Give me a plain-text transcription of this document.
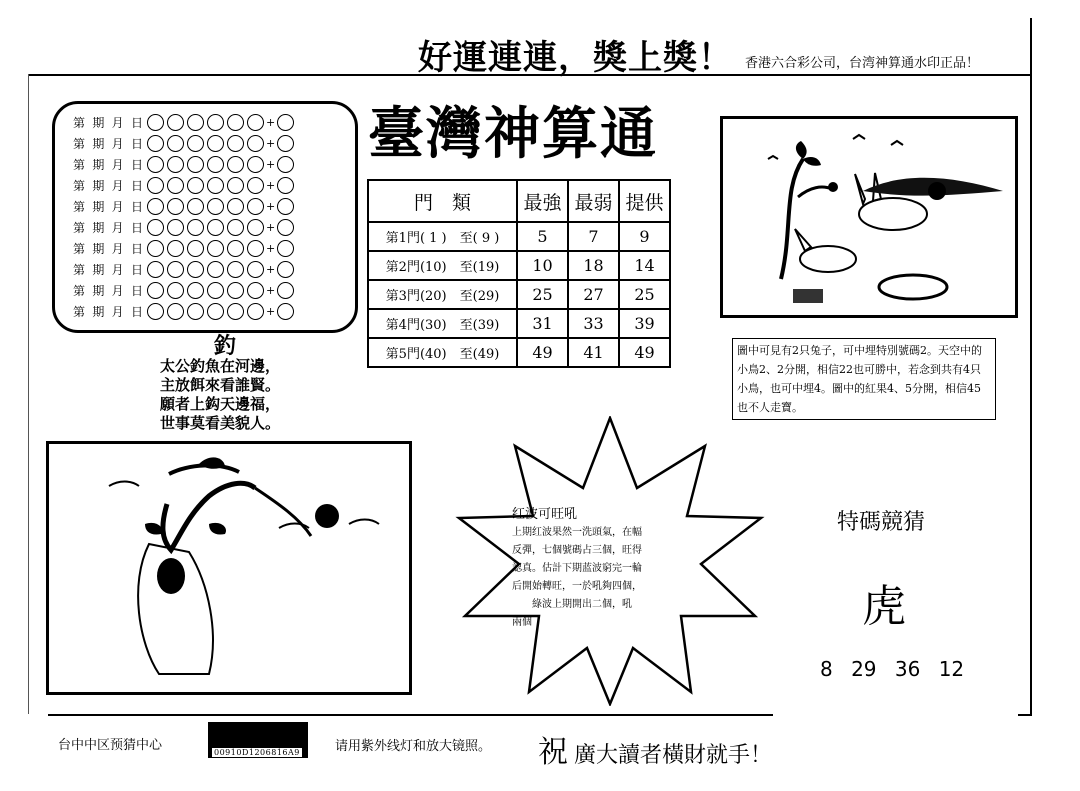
好運連連，獎上獎！ 香港六合彩公司，台湾神算通水印正品！
第 期 月 日	+
第 期 月 日	+
第 期 月 日	+
第 期 月 日	+
第 期 月 日	+
第 期 月 日	+
第 期 月 日	+
第 期 月 日	+
第 期 月 日	+
第 期 月 日	+
臺灣神算通
門　類	最強	最弱	提供
第1門( 1 )　至( 9 )	5	7	9
第2門(10)　至(19)	10	18	14
第3門(20)　至(29)	25	27	25
第4門(30)　至(39)	31	33	39
第5門(40)　至(49)	49	41	49
釣
太公釣魚在河邊，
主放餌來看誰賢。
願者上鈎天邊福，
世事莫看美貌人。
圖中可見有2只兔子，可中埋特別號碼2。天空中的小鳥2、2分開，相信22也可勝中，若念到共有4只小鳥，也可中埋4。圖中的紅果4、5分開，相信45也不人走寶。
红波可旺吼
上期红波果然一洗頭氣，在幅
反彈，七個號碼占三個，旺得
認真。估計下期蓝波窮完一輪
后開始轉旺，一於吼夠四個，
　　綠波上期開出二個，吼
兩個
特碼競猜
虎
8 29 36 12
台中中区预猜中心	00910D1206816A9	请用紫外线灯和放大镜照。 祝 廣大讀者橫財就手！
